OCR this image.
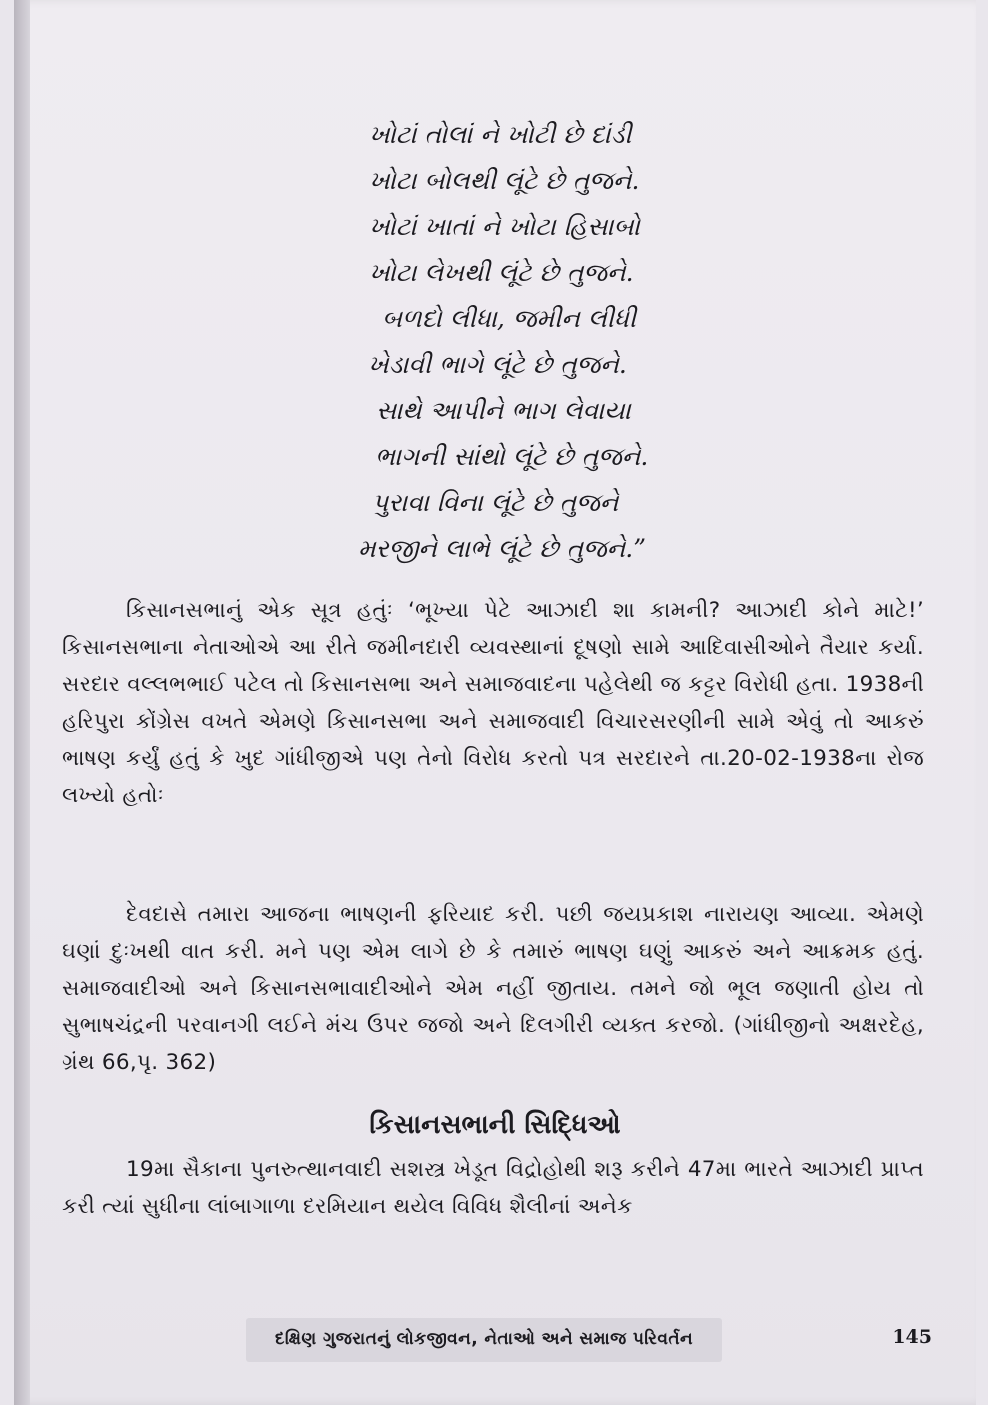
ખોટાં તોલાં ને ખોટી છે દાંડી
ખોટા બોલથી લૂંટે છે તુજને.
ખોટાં ખાતાં ને ખોટા હિસાબો
ખોટા લેખથી લૂંટે છે તુજને.
બળદો લીધા, જમીન લીધી
ખેડાવી ભાગે લૂંટે છે તુજને.
સાથે આપીને ભાગ લેવાયા
ભાગની સાંથો લૂંટે છે તુજને.
પુરાવા વિના લૂંટે છે તુજને
મરજીને લાભે લૂંટે છે તુજને.”

કિસાનસભાનું એક સૂત્ર હતુંઃ ‘ભૂખ્યા પેટે આઝાદી શા કામની? આઝાદી કોને માટે!’ કિસાનસભાના નેતાઓએ આ રીતે જમીનદારી વ્યવસ્થાનાં દૂષણો સામે આદિવાસીઓને તૈયાર કર્યા. સરદાર વલ્લભભાઈ પટેલ તો કિસાનસભા અને સમાજવાદના પહેલેથી જ કટ્ટર વિરોધી હતા. 1938ની હરિપુરા કોંગ્રેસ વખતે એમણે કિસાનસભા અને સમાજવાદી વિચારસરણીની સામે એવું તો આકરું ભાષણ કર્યું હતું કે ખુદ ગાંધીજીએ પણ તેનો વિરોધ કરતો પત્ર સરદારને તા.20-02-1938ના રોજ લખ્યો હતોઃ

દેવદાસે તમારા આજના ભાષણની ફરિયાદ કરી. પછી જયપ્રકાશ નારાયણ આવ્યા. એમણે ઘણાં દુઃખથી વાત કરી. મને પણ એમ લાગે છે કે તમારું ભાષણ ઘણું આકરું અને આક્રમક હતું. સમાજવાદીઓ અને કિસાનસભાવાદીઓને એમ નહીં જીતાય. તમને જો ભૂલ જણાતી હોય તો સુભાષચંદ્રની પરવાનગી લઈને મંચ ઉપર જજો અને દિલગીરી વ્યક્ત કરજો. (ગાંધીજીનો અક્ષરદેહ, ગ્રંથ 66,પૃ. 362)

કિસાનસભાની સિદ્ધિઓ

19મા સૈકાના પુનરુત્થાનવાદી સશસ્ત્ર ખેડૂત વિદ્રોહોથી શરૂ કરીને 47મા ભારતે આઝાદી પ્રાપ્ત કરી ત્યાં સુધીના લાંબાગાળા દરમિયાન થયેલ વિવિધ શૈલીનાં અનેક

દક્ષિણ ગુજરાતનું લોકજીવન, નેતાઓ અને સમાજ પરિવર્તન	145
